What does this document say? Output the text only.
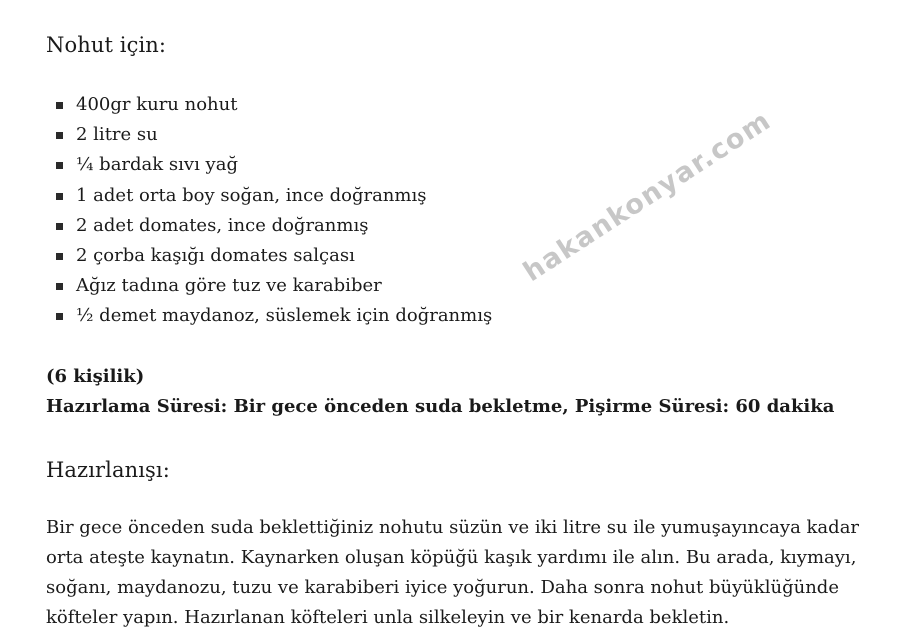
Nohut için:
400gr kuru nohut
2 litre su
¼ bardak sıvı yağ
1 adet orta boy soğan, ince doğranmış
2 adet domates, ince doğranmış
2 çorba kaşığı domates salçası
Ağız tadına göre tuz ve karabiber
½ demet maydanoz, süslemek için doğranmış
(6 kişilik)
Hazırlama Süresi: Bir gece önceden suda bekletme, Pişirme Süresi: 60 dakika
Hazırlanışı:

Bir gece önceden suda beklettiğiniz nohutu süzün ve iki litre su ile yumuşayıncaya kadar
orta ateşte kaynatın. Kaynarken oluşan köpüğü kaşık yardımı ile alın. Bu arada, kıymayı,
soğanı, maydanozu, tuzu ve karabiberi iyice yoğurun. Daha sonra nohut büyüklüğünde
köfteler yapın. Hazırlanan köfteleri unla silkeleyin ve bir kenarda bekletin.

hakankonyar.com
